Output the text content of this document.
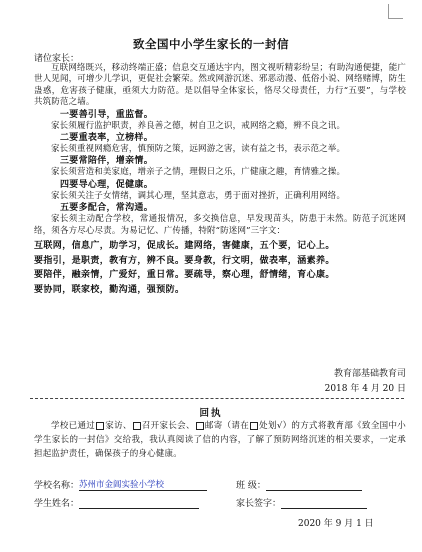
致全国中小学生家长的一封信
诸位家长：

互联网络既兴，移动终端正盛；信息交互通达宇内，图文视听精彩纷呈；有助沟通便捷，能广世人见闻，可增少儿学识，更促社会繁荣。然或网游沉迷、邪恶动漫、低俗小说、网络赌博，防生蛊惑，危害孩子健康，亟须大力防范。是以倡导全体家长，恪尽父母责任，力行“五要”，与学校共筑防范之墙。

一要善引导，重监督。

家长须履行监护职责，养良善之德，树自卫之识，戒网络之瘾，辨不良之讯。

二要重表率，立榜样。

家长须重视网瘾危害，慎预防之策，远网游之害，读有益之书，表示范之举。

三要常陪伴，增亲情。

家长须营造和美家庭，增亲子之情，理假日之乐，广健康之趣，育情雅之操。

四要导心理，促健康。

家长须关注子女情绪，调其心理，坚其意志，勇于面对挫折，正确利用网络。

五要多配合，常沟通。

家长须主动配合学校，常通报情况，多交换信息，早发现苗头，防患于未然。防范子沉迷网络，须各方尽心尽责。为易记忆、广传播，特附“防迷网”三字文：

互联网，信息广，助学习，促成长。建网络，害健康，五个要，记心上。

要指引，是职责，教有方，辨不良。要身教，行文明，做表率，涵素养。

要陪伴，融亲情，广爱好，重日常。要疏导，察心理，舒情绪，育心康。

要协同，联家校，勤沟通，强预防。

教育部基础教育司
2018 年 4 月 20 日
回执

学校已通过 家访、 召开家长会、 邮寄（请在 处划√）的方式将教育部《致全国中小学生家长的一封信》交给我，我认真阅读了信的内容，了解了预防网络沉迷的相关要求，一定承担起监护责任，确保孩子的身心健康。

学校名称：苏州市金阊实验小学校	班 级：
学生姓名：	家长签字：
2020 年 9 月 1 日
